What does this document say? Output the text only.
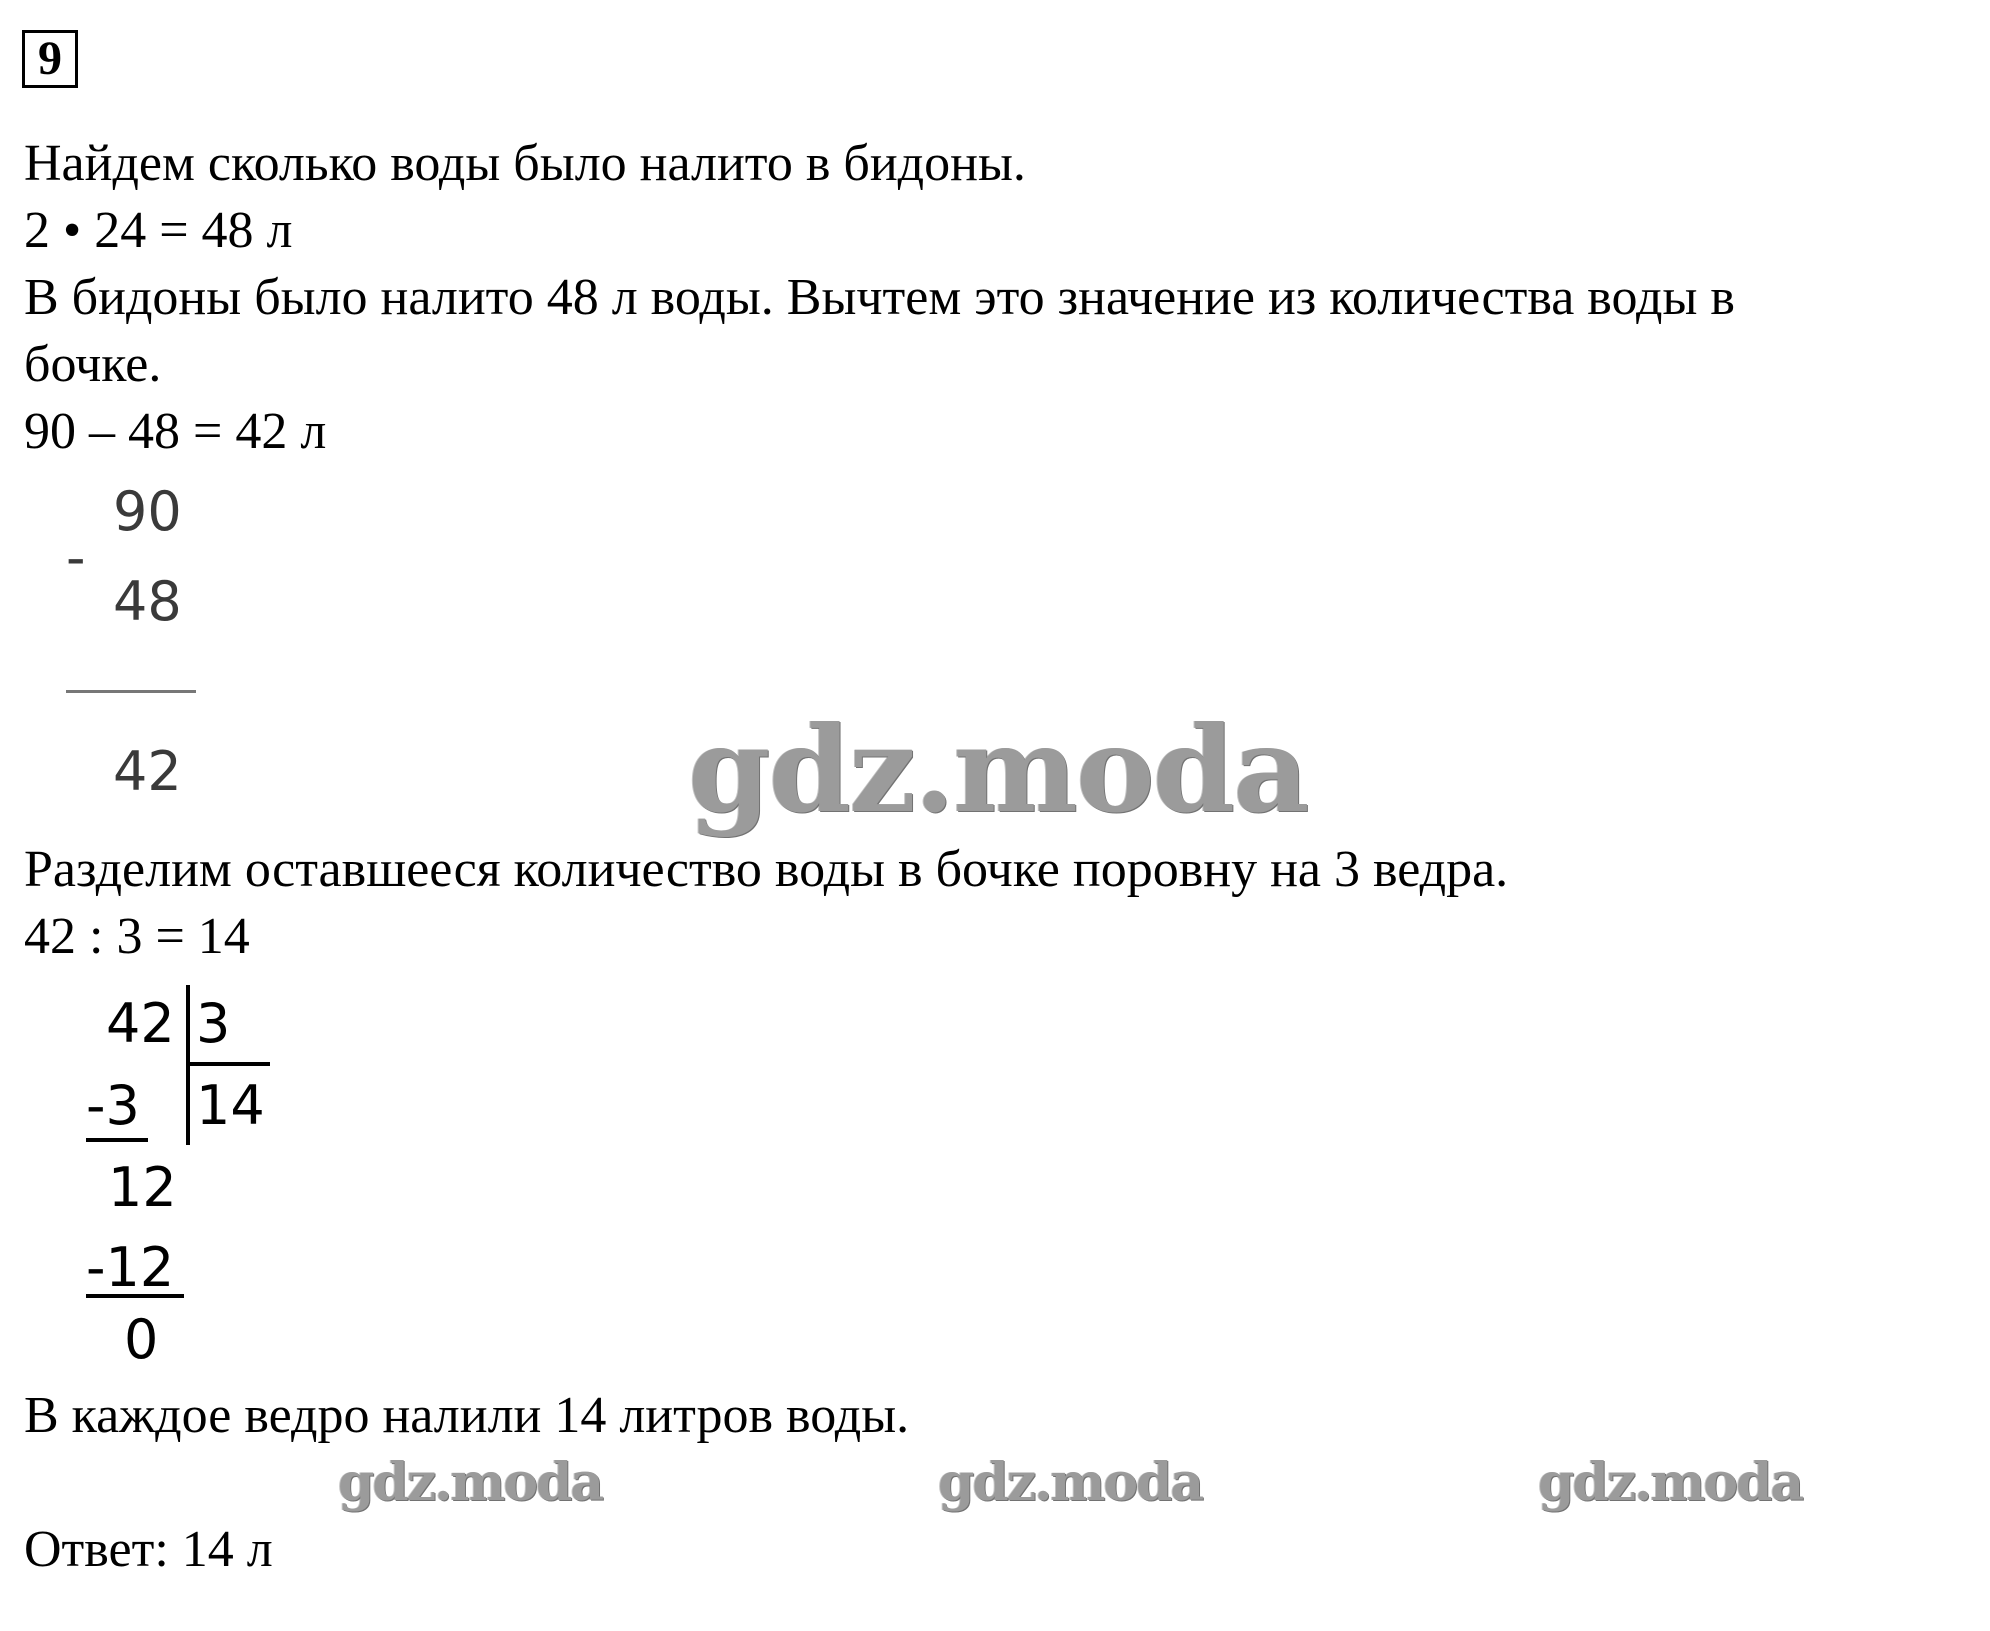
9
Найдем сколько воды было налито в бидоны.
2 • 24 = 48 л
В бидоны было налито 48 л воды. Вычтем это значение из количества воды в
бочке.
90 – 48 = 42 л
90
-
48
42	gdz.moda
Разделим оставшееся количество воды в бочке поровну на 3 ведра.
42 : 3 = 14
42 3
-3 14
12
-12
0
В каждое ведро налили 14 литров воды.
gdz.moda	gdz.moda	gdz.moda
Ответ: 14 л
